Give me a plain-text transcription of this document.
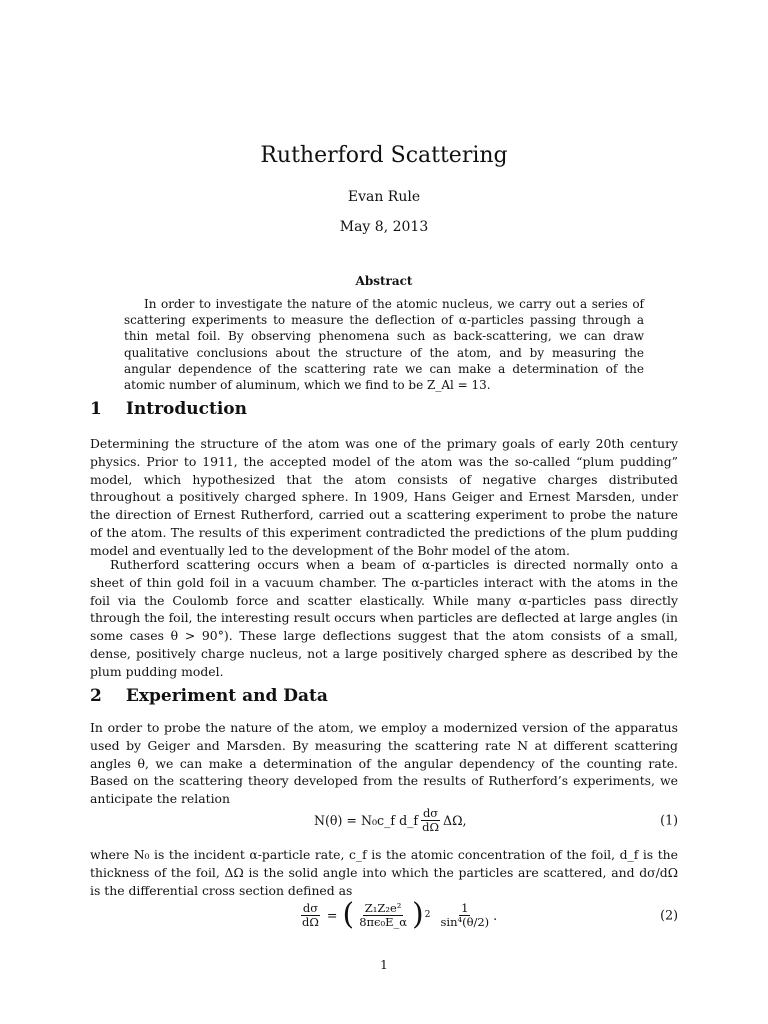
Rutherford Scattering
Evan Rule
May 8, 2013
Abstract

In order to investigate the nature of the atomic nucleus, we carry out a series of scattering experiments to measure the deflection of α-particles passing through a thin metal foil. By observing phenomena such as back-scattering, we can draw qualitative conclusions about the structure of the atom, and by measuring the angular dependence of the scattering rate we can make a determination of the atomic number of aluminum, which we find to be Z_Al = 13.

1 Introduction

Determining the structure of the atom was one of the primary goals of early 20th century physics. Prior to 1911, the accepted model of the atom was the so-called “plum pudding” model, which hypothesized that the atom consists of negative charges distributed throughout a positively charged sphere. In 1909, Hans Geiger and Ernest Marsden, under the direction of Ernest Rutherford, carried out a scattering experiment to probe the nature of the atom. The results of this experiment contradicted the predictions of the plum pudding model and eventually led to the development of the Bohr model of the atom.

Rutherford scattering occurs when a beam of α-particles is directed normally onto a sheet of thin gold foil in a vacuum chamber. The α-particles interact with the atoms in the foil via the Coulomb force and scatter elastically. While many α-particles pass directly through the foil, the interesting result occurs when particles are deflected at large angles (in some cases θ > 90°). These large deflections suggest that the atom consists of a small, dense, positively charge nucleus, not a large positively charged sphere as described by the plum pudding model.

2 Experiment and Data

In order to probe the nature of the atom, we employ a modernized version of the apparatus used by Geiger and Marsden. By measuring the scattering rate N at different scattering angles θ, we can make a determination of the angular dependency of the counting rate. Based on the scattering theory developed from the results of Rutherford’s experiments, we anticipate the relation

N(θ) = N₀c_f d_f $\frac{d\sigma}{d\Omega} \Delta\Omega$,	(1)

where N₀ is the incident α-particle rate, c_f is the atomic concentration of the foil, d_f is the thickness of the foil, ΔΩ is the solid angle into which the particles are scattered, and dσ/dΩ is the differential cross section defined as

$\frac{d\sigma}{d\Omega}$ = ( $\frac{\text{Z₁Z₂e²}}{\text{8πϵ₀E\_α}}$ ) $2 \frac{1}{\text{sin⁴(θ/2)}}$ .	(2)
1
